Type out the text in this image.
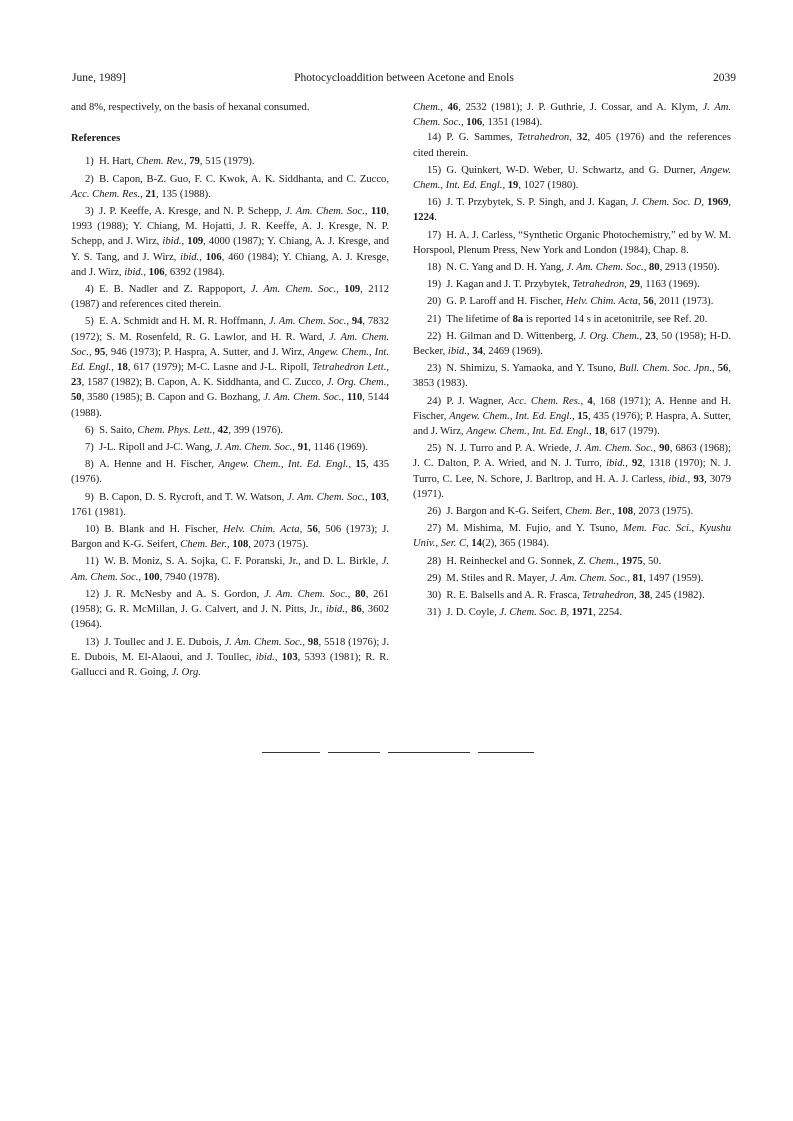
June, 1989]	Photocycloaddition between Acetone and Enols	2039

and 8%, respectively, on the basis of hexanal consumed.

References

1) H. Hart, Chem. Rev., 79, 515 (1979).

2) B. Capon, B-Z. Guo, F. C. Kwok, A. K. Siddhanta, and C. Zucco, Acc. Chem. Res., 21, 135 (1988).

3) J. P. Keeffe, A. Kresge, and N. P. Schepp, J. Am. Chem. Soc., 110, 1993 (1988); Y. Chiang, M. Hojatti, J. R. Keeffe, A. J. Kresge, N. P. Schepp, and J. Wirz, ibid., 109, 4000 (1987); Y. Chiang, A. J. Kresge, and Y. S. Tang, and J. Wirz, ibid., 106, 460 (1984); Y. Chiang, A. J. Kresge, and J. Wirz, ibid., 106, 6392 (1984).

4) E. B. Nadler and Z. Rappoport, J. Am. Chem. Soc., 109, 2112 (1987) and references cited therein.

5) E. A. Schmidt and H. M. R. Hoffmann, J. Am. Chem. Soc., 94, 7832 (1972); S. M. Rosenfeld, R. G. Lawlor, and H. R. Ward, J. Am. Chem. Soc., 95, 946 (1973); P. Haspra, A. Sutter, and J. Wirz, Angew. Chem., Int. Ed. Engl., 18, 617 (1979); M-C. Lasne and J-L. Ripoll, Tetrahedron Lett., 23, 1587 (1982); B. Capon, A. K. Siddhanta, and C. Zucco, J. Org. Chem., 50, 3580 (1985); B. Capon and G. Bozhang, J. Am. Chem. Soc., 110, 5144 (1988).

6) S. Saito, Chem. Phys. Lett., 42, 399 (1976).

7) J-L. Ripoll and J-C. Wang, J. Am. Chem. Soc., 91, 1146 (1969).

8) A. Henne and H. Fischer, Angew. Chem., Int. Ed. Engl., 15, 435 (1976).

9) B. Capon, D. S. Rycroft, and T. W. Watson, J. Am. Chem. Soc., 103, 1761 (1981).

10) B. Blank and H. Fischer, Helv. Chim. Acta, 56, 506 (1973); J. Bargon and K-G. Seifert, Chem. Ber., 108, 2073 (1975).

11) W. B. Moniz, S. A. Sojka, C. F. Poranski, Jr., and D. L. Birkle, J. Am. Chem. Soc., 100, 7940 (1978).

12) J. R. McNesby and A. S. Gordon, J. Am. Chem. Soc., 80, 261 (1958); G. R. McMillan, J. G. Calvert, and J. N. Pitts, Jr., ibid., 86, 3602 (1964).

13) J. Toullec and J. E. Dubois, J. Am. Chem. Soc., 98, 5518 (1976); J. E. Dubois, M. El-Alaoui, and J. Toullec, ibid., 103, 5393 (1981); R. R. Gallucci and R. Going, J. Org.

Chem., 46, 2532 (1981); J. P. Guthrie, J. Cossar, and A. Klym, J. Am. Chem. Soc., 106, 1351 (1984).

14) P. G. Sammes, Tetrahedron, 32, 405 (1976) and the references cited therein.

15) G. Quinkert, W-D. Weber, U. Schwartz, and G. Durner, Angew. Chem., Int. Ed. Engl., 19, 1027 (1980).

16) J. T. Przybytek, S. P. Singh, and J. Kagan, J. Chem. Soc. D, 1969, 1224.

17) H. A. J. Carless, “Synthetic Organic Photochemistry,” ed by W. M. Horspool, Plenum Press, New York and London (1984), Chap. 8.

18) N. C. Yang and D. H. Yang, J. Am. Chem. Soc., 80, 2913 (1950).

19) J. Kagan and J. T. Przybytek, Tetrahedron, 29, 1163 (1969).

20) G. P. Laroff and H. Fischer, Helv. Chim. Acta, 56, 2011 (1973).

21) The lifetime of 8a is reported 14 s in acetonitrile, see Ref. 20.

22) H. Gilman and D. Wittenberg, J. Org. Chem., 23, 50 (1958); H-D. Becker, ibid., 34, 2469 (1969).

23) N. Shimizu, S. Yamaoka, and Y. Tsuno, Bull. Chem. Soc. Jpn., 56, 3853 (1983).

24) P. J. Wagner, Acc. Chem. Res., 4, 168 (1971); A. Henne and H. Fischer, Angew. Chem., Int. Ed. Engl., 15, 435 (1976); P. Haspra, A. Sutter, and J. Wirz, Angew. Chem., Int. Ed. Engl., 18, 617 (1979).

25) N. J. Turro and P. A. Wriede, J. Am. Chem. Soc., 90, 6863 (1968); J. C. Dalton, P. A. Wried, and N. J. Turro, ibid., 92, 1318 (1970); N. J. Turro, C. Lee, N. Schore, J. Barltrop, and H. A. J. Carless, ibid., 93, 3079 (1971).

26) J. Bargon and K-G. Seifert, Chem. Ber., 108, 2073 (1975).

27) M. Mishima, M. Fujio, and Y. Tsuno, Mem. Fac. Sci., Kyushu Univ., Ser. C, 14(2), 365 (1984).

28) H. Reinheckel and G. Sonnek, Z. Chem., 1975, 50.

29) M. Stiles and R. Mayer, J. Am. Chem. Soc., 81, 1497 (1959).

30) R. E. Balsells and A. R. Frasca, Tetrahedron, 38, 245 (1982).

31) J. D. Coyle, J. Chem. Soc. B, 1971, 2254.
